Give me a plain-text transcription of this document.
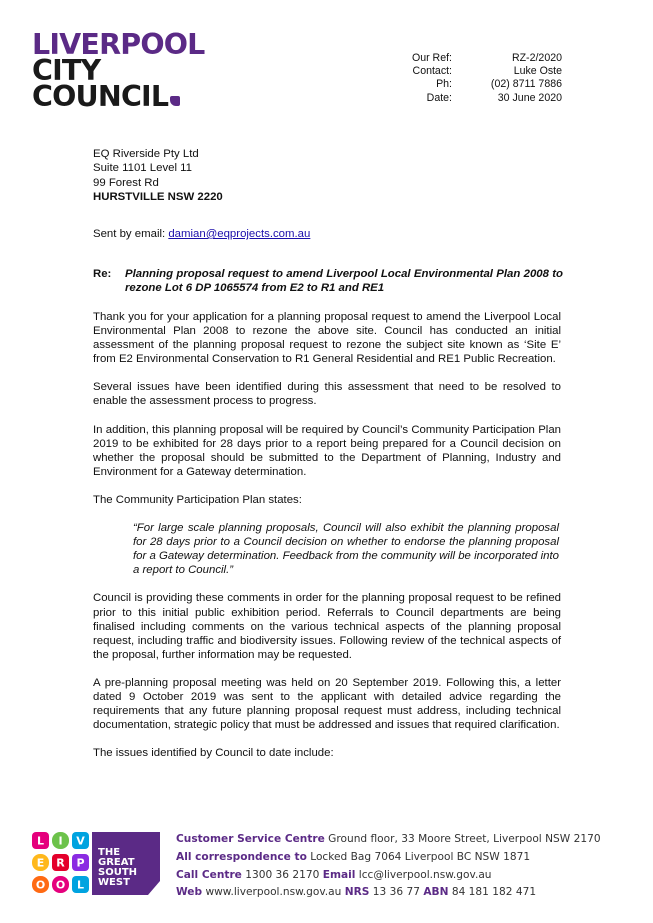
LIVERPOOL
CITY
COUNCIL
Our Ref:	RZ-2/2020
Contact:	Luke Oste
Ph:	(02) 8711 7886
Date:	30 June 2020
EQ Riverside Pty Ltd
Suite 1101 Level 11
99 Forest Rd
HURSTVILLE NSW 2220
Sent by email: damian@eqprojects.com.au
Re:	Planning proposal request to amend Liverpool Local Environmental Plan 2008 to rezone Lot 6 DP 1065574 from E2 to R1 and RE1

Thank you for your application for a planning proposal request to amend the Liverpool Local Environmental Plan 2008 to rezone the above site. Council has conducted an initial assessment of the planning proposal request to rezone the subject site known as ‘Site E’ from E2 Environmental Conservation to R1 General Residential and RE1 Public Recreation.

Several issues have been identified during this assessment that need to be resolved to enable the assessment process to progress.

In addition, this planning proposal will be required by Council’s Community Participation Plan 2019 to be exhibited for 28 days prior to a report being prepared for a Council decision on whether the proposal should be submitted to the Department of Planning, Industry and Environment for a Gateway determination.

The Community Participation Plan states:

“For large scale planning proposals, Council will also exhibit the planning proposal for 28 days prior to a Council decision on whether to endorse the planning proposal for a Gateway determination. Feedback from the community will be incorporated into a report to Council.”

Council is providing these comments in order for the planning proposal request to be refined prior to this initial public exhibition period. Referrals to Council departments are being finalised including comments on the various technical aspects of the planning proposal request, including traffic and biodiversity issues. Following review of the technical aspects of the proposal, further information may be requested.

A pre-planning proposal meeting was held on 20 September 2019. Following this, a letter dated 9 October 2019 was sent to the applicant with detailed advice regarding the requirements that any future planning proposal request must address, including technical documentation, strategic policy that must be addressed and issues that required clarification.

The issues identified by Council to date include:

L I V
E R P
O O L
THE
GREAT
SOUTH
WEST
Customer Service Centre Ground floor, 33 Moore Street, Liverpool NSW 2170
All correspondence to Locked Bag 7064 Liverpool BC NSW 1871
Call Centre 1300 36 2170 Email lcc@liverpool.nsw.gov.au
Web www.liverpool.nsw.gov.au NRS 13 36 77 ABN 84 181 182 471
